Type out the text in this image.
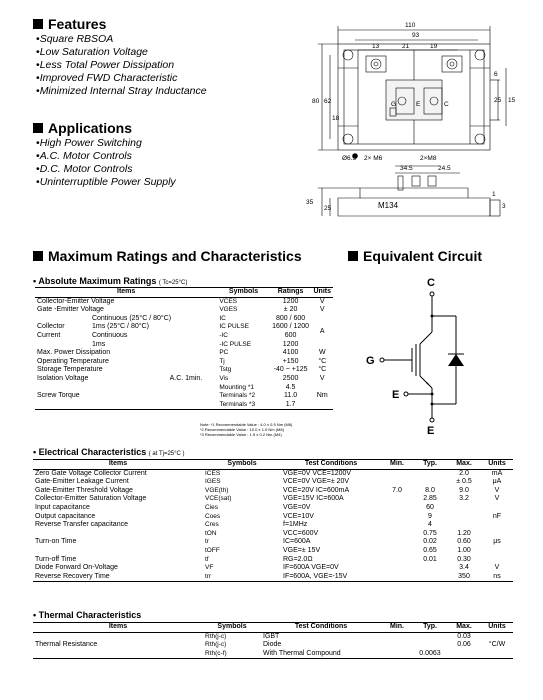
Features
• Square RBSOA
• Low Saturation Voltage
• Less Total Power Dissipation
• Improved FWD Characteristic
• Minimized Internal Stray Inductance
Applications
• High Power Switching
• A.C. Motor Controls
• D.C. Motor Controls
• Uninterruptible Power Supply
110
93
13	21	19
80 62
18
25 15
6
Ø6.5 2× M6	2×M8
34.5	24.5
35
25
1
3
M134
G	E	C
Maximum Ratings and Characteristics
• Absolute Maximum Ratings ( Tc=25°C)
Items			Symbols	Ratings	Units
Collector-Emitter Voltage			VCES	1200	V
Gate -Emitter Voltage			VGES	± 20	V
	Continuous (25°C / 80°C)		IC	800 / 600	A
Collector	1ms (25°C / 80°C)		IC PULSE	1600 / 1200	
Current	Continuous		-IC	600	
	1ms		-IC PULSE	1200	
Max. Power Dissipation			PC	4100	W
Operating Temperature			Tj	+150	°C
Storage Temperature			Tstg	-40 ~ +125	°C
Isolation Voltage		A.C. 1min.	Vis	2500	V
			Mounting *1	4.5	Nm
Screw Torque			Terminals *2	11.0	
			Terminals *3	1.7	
Note: *1 Recommendable Value : 4.0 ± 0.5 Nm (M6)
*2 Recommendable Value : 10.0 ± 1.0 Nm (M8)
*3 Recommendable Value : 1.5 ± 0.2 Nm (M4)
Equivalent Circuit
C
G
E
E
• Electrical Characteristics ( at Tj=25°C )
Items	Symbols	Test Conditions	Min.	Typ.	Max.	Units
Zero Gate Voltage Collector Current	ICES	VGE=0V VCE=1200V			2.0	mA
Gate-Emitter Leakage Current	IGES	VCE=0V VGE=± 20V			± 0.5	μA
Gate-Emitter Threshold Voltage	VGE(th)	VCE=20V IC=600mA	7.0	8.0	9.0	V
Collector-Emitter Saturation Voltage	VCE(sat)	VGE=15V IC=600A		2.85	3.2	V
Input capacitance	Cies	VGE=0V		60		
Output capacitance	Coes	VCE=10V		9		nF
Reverse Transfer capacitance	Cres	f=1MHz		4		
	tON	VCC=600V		0.75	1.20	
Turn-on Time	tr	IC=600A		0.02	0.60	μs
	tOFF	VGE=± 15V		0.65	1.00	
Turn-off Time	tf	RG=2.0Ω		0.01	0.30	
Diode Forward On-Voltage	VF	IF=600A VGE=0V			3.4	V
Reverse Recovery Time	trr	IF=600A, VGE=-15V			350	ns
• Thermal Characteristics
Items	Symbols	Test Conditions	Min.	Typ.	Max.	Units
Thermal Resistance	Rth(j-c)	IGBT			0.03	°C/W
	Rth(j-c)	Diode			0.06	
	Rth(c-f)	With Thermal Compound		0.0063		
